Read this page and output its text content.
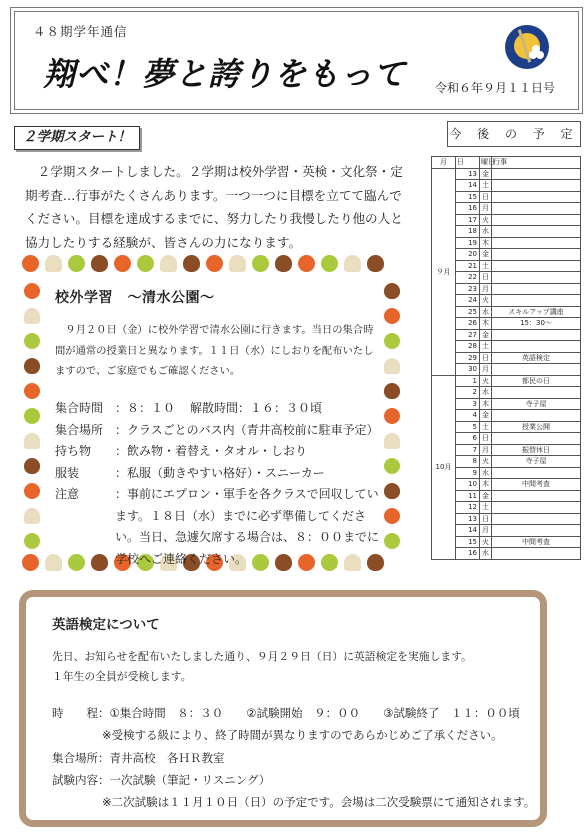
４８期学年通信
翔べ！夢と誇りをもって 令和６年９月１１日号
２学期スタート！
　２学期スタートしました。２学期は校外学習・英検・文化祭・定期考査…行事がたくさんあります。一つ一つに目標を立てて臨んでください。目標を達成するまでに、努力したり我慢したり他の人と協力したりする経験が、皆さんの力になります。
今 後 の 予 定
月	日	曜日	行事
９月	13	金	
	14	土	
	15	日	
	16	月	
	17	火	
	18	水	
	19	木	
	20	金	
	21	土	
	22	日	
	23	月	
	24	火	
	25	水	スキルアップ講座
	26	木	15：30～
	27	金	
	28	土	
	29	日	英語検定
	30	月	
10月	1	火	都民の日
	2	水	
	3	木	寺子屋
	4	金	
	5	土	授業公開
	6	日	
	7	月	振替休日
	8	火	寺子屋
	9	水	
	10	木	中間考査
	11	金	
	12	土	
	13	日	
	14	月	
	15	火	中間考査
	16	水	
校外学習　～清水公園～
　９月２０日（金）に校外学習で清水公園に行きます。当日の集合時間が通常の授業日と異なります。１１日（水）にしおりを配布いたしますので、ご家庭でもご確認ください。
集合時間 ：８：１０ 解散時間：１６：３０頃
集合場所 ：クラスごとのバス内（青井高校前に駐車予定）
持ち物 ：飲み物・着替え・タオル・しおり
服装	：私服（動きやすい格好）・スニーカー
注意	：事前にエプロン・軍手を各クラスで回収しています。１８日（水）までに必ず準備してください。当日、急遽欠席する場合は、８：００までに学校へご連絡ください。
英語検定について
先日、お知らせを配布いたしました通り、９月２９日（日）に英語検定を実施します。
１年生の全員が受検します。
時　　程：①集合時間　８：３０　　②試験開始　９：００　　③試験終了　１１：００頃
※受検する級により、終了時間が異なりますのであらかじめご了承ください。
集合場所：青井高校　各ＨＲ教室
試験内容：一次試験（筆記・リスニング）
※二次試験は１１月１０日（日）の予定です。会場は二次受験票にて通知されます。
